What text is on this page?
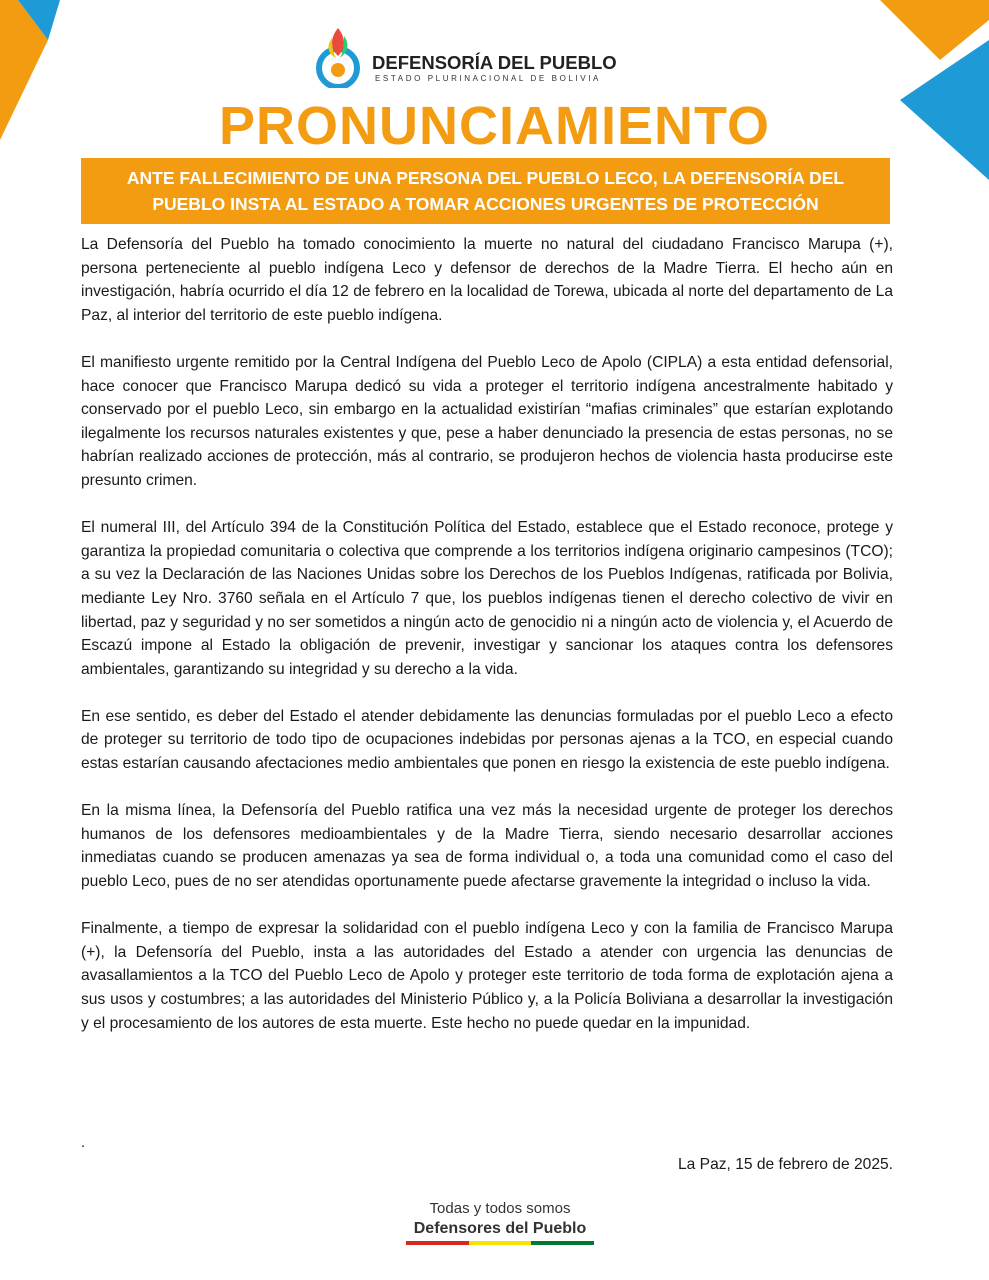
DEFENSORÍA DEL PUEBLO
ESTADO PLURINACIONAL DE BOLIVIA
PRONUNCIAMIENTO
ANTE FALLECIMIENTO DE UNA PERSONA DEL PUEBLO LECO, LA DEFENSORÍA DEL
PUEBLO INSTA AL ESTADO A TOMAR ACCIONES URGENTES DE PROTECCIÓN

La Defensoría del Pueblo ha tomado conocimiento la muerte no natural del ciudadano Francisco Marupa (+), persona perteneciente al pueblo indígena Leco y defensor de derechos de la Madre Tierra. El hecho aún en investigación, habría ocurrido el día 12 de febrero en la localidad de Torewa, ubicada al norte del departamento de La Paz, al interior del territorio de este pueblo indígena.

El manifiesto urgente remitido por la Central Indígena del Pueblo Leco de Apolo (CIPLA) a esta entidad defensorial, hace conocer que Francisco Marupa dedicó su vida a proteger el territorio indígena ancestralmente habitado y conservado por el pueblo Leco, sin embargo en la actualidad existirían “mafias criminales” que estarían explotando ilegalmente los recursos naturales existentes y que, pese a haber denunciado la presencia de estas personas, no se habrían realizado acciones de protección, más al contrario, se produjeron hechos de violencia hasta producirse este presunto crimen.

El numeral III, del Artículo 394 de la Constitución Política del Estado, establece que el Estado reconoce, protege y garantiza la propiedad comunitaria o colectiva que comprende a los territorios indígena originario campesinos (TCO); a su vez la Declaración de las Naciones Unidas sobre los Derechos de los Pueblos Indígenas, ratificada por Bolivia, mediante Ley Nro. 3760 señala en el Artículo 7 que, los pueblos indígenas tienen el derecho colectivo de vivir en libertad, paz y seguridad y no ser sometidos a ningún acto de genocidio ni a ningún acto de violencia y, el Acuerdo de Escazú impone al Estado la obligación de prevenir, investigar y sancionar los ataques contra los defensores ambientales, garantizando su integridad y su derecho a la vida.

En ese sentido, es deber del Estado el atender debidamente las denuncias formuladas por el pueblo Leco a efecto de proteger su territorio de todo tipo de ocupaciones indebidas por personas ajenas a la TCO, en especial cuando estas estarían causando afectaciones medio ambientales que ponen en riesgo la existencia de este pueblo indígena.

En la misma línea, la Defensoría del Pueblo ratifica una vez más la necesidad urgente de proteger los derechos humanos de los defensores medioambientales y de la Madre Tierra, siendo necesario desarrollar acciones inmediatas cuando se producen amenazas ya sea de forma individual o, a toda una comunidad como el caso del pueblo Leco, pues de no ser atendidas oportunamente puede afectarse gravemente la integridad o incluso la vida.

Finalmente, a tiempo de expresar la solidaridad con el pueblo indígena Leco y con la familia de Francisco Marupa (+), la Defensoría del Pueblo, insta a las autoridades del Estado a atender con urgencia las denuncias de avasallamientos a la TCO del Pueblo Leco de Apolo y proteger este territorio de toda forma de explotación ajena a sus usos y costumbres; a las autoridades del Ministerio Público y, a la Policía Boliviana a desarrollar la investigación y el procesamiento de los autores de esta muerte. Este hecho no puede quedar en la impunidad.

.
La Paz, 15 de febrero de 2025.
Todas y todos somos
Defensores del Pueblo
